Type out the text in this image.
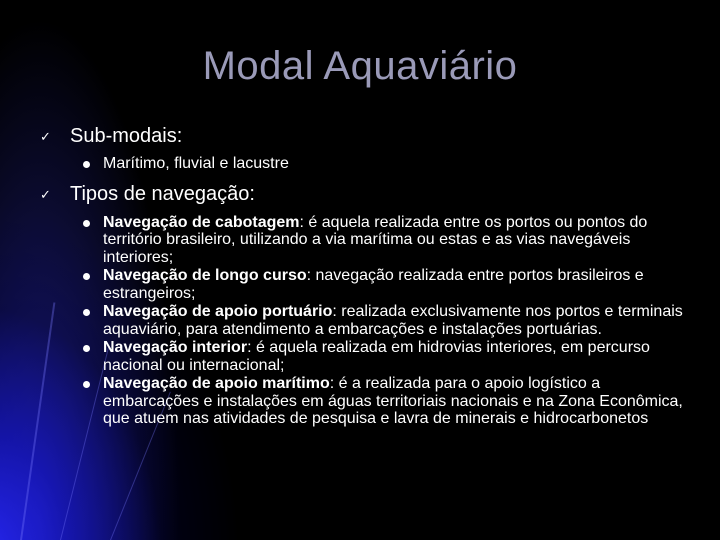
Modal Aquaviário
✓ Sub-modais:
Marítimo, fluvial e lacustre
✓ Tipos de navegação:
Navegação de cabotagem: é aquela realizada entre os portos ou pontos do território brasileiro, utilizando a via marítima ou estas e as vias navegáveis interiores;
Navegação de longo curso: navegação realizada entre portos brasileiros e estrangeiros;
Navegação de apoio portuário: realizada exclusivamente nos portos e terminais aquaviário, para atendimento a embarcações e instalações portuárias.
Navegação interior: é aquela realizada em hidrovias interiores, em percurso nacional ou internacional;
Navegação de apoio marítimo: é a realizada para o apoio logístico a embarcações e instalações em águas territoriais nacionais e na Zona Econômica, que atuem nas atividades de pesquisa e lavra de minerais e hidrocarbonetos
